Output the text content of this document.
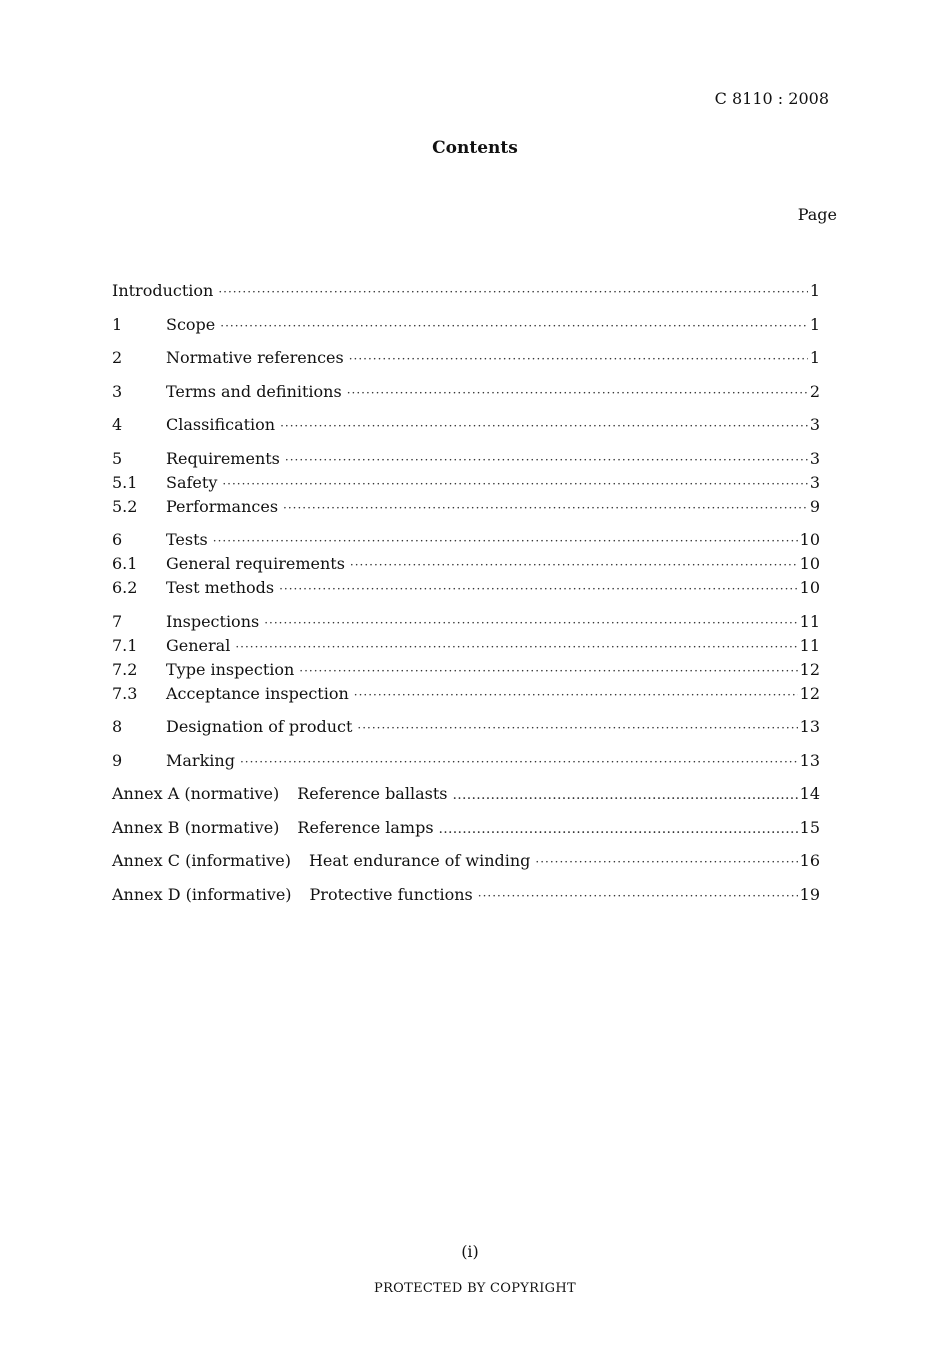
C 8110 : 2008
Contents
Page
Introduction ·····	1
1	Scope ·····	1
2	Normative references ·····	1
3	Terms and definitions ·····	2
4	Classification ·····	3
5	Requirements ·····	3
5.1	Safety ·····	3
5.2	Performances ·····	9
6	Tests ·····	10
6.1	General requirements ·····	10
6.2	Test methods ·····	10
7	Inspections ·····	11
7.1	General ·····	11
7.2	Type inspection ·····	12
7.3	Acceptance inspection ·····	12
8	Designation of product ·····	13
9	Marking ·····	13
Annex A (normative)	Reference ballasts .....	14
Annex B (normative)	Reference lamps .....	15
Annex C (informative)	Heat endurance of winding ·····	16
Annex D (informative)	Protective functions ·····	19
(i)
PROTECTED BY COPYRIGHT
